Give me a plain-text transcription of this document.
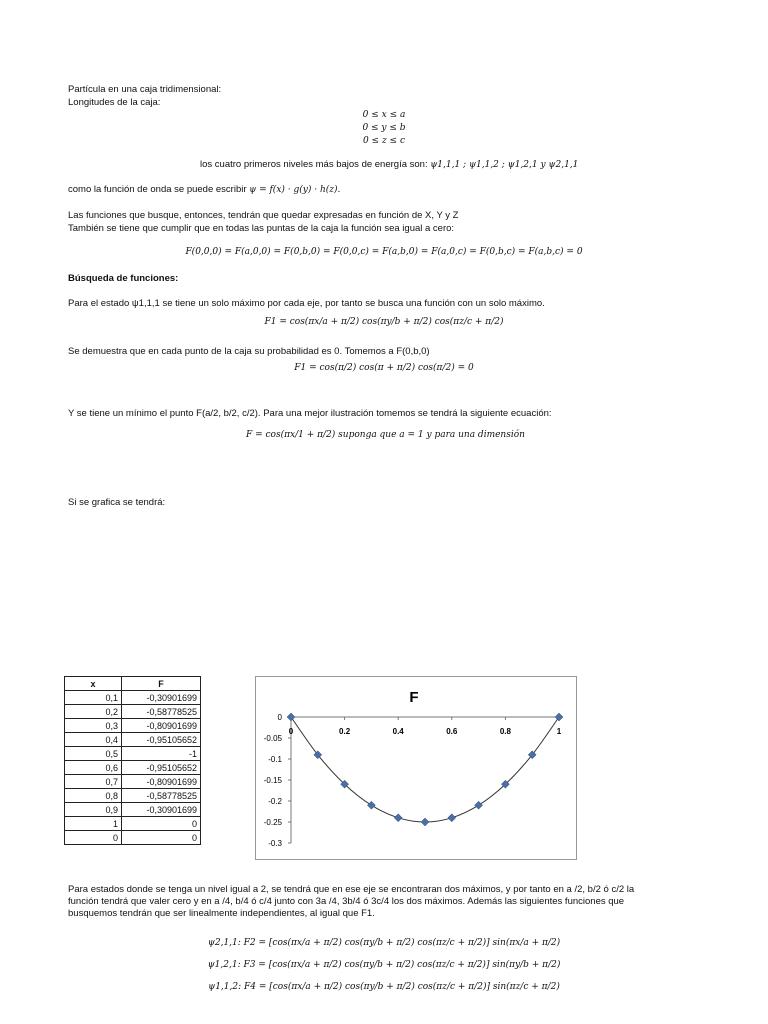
Partícula en una caja tridimensional:
Longitudes de la caja:
0 ≤ x ≤ a
0 ≤ y ≤ b
0 ≤ z ≤ c
los cuatro primeros niveles más bajos de energía son: ψ1,1,1 ; ψ1,1,2 ; ψ1,2,1 y ψ2,1,1
como la función de onda se puede escribir ψ = f(x) · g(y) · h(z).
Las funciones que busque, entonces, tendrán que quedar expresadas en función de X, Y y Z
También se tiene que cumplir que en todas las puntas de la caja la función sea igual a cero:
F(0,0,0) = F(a,0,0) = F(0,b,0) = F(0,0,c) = F(a,b,0) = F(a,0,c) = F(0,b,c) = F(a,b,c) = 0
Búsqueda de funciones:
Para el estado ψ1,1,1 se tiene un solo máximo por cada eje, por tanto se busca una función con un solo máximo.
F1 = cos(πx/a + π/2) cos(πy/b + π/2) cos(πz/c + π/2)
Se demuestra que en cada punto de la caja su probabilidad es 0. Tomemos a F(0,b,0)
F1 = cos(π/2) cos(π + π/2) cos(π/2) = 0
Y se tiene un mínimo el punto F(a/2, b/2, c/2). Para una mejor ilustración tomemos se tendrá la siguiente ecuación:
F = cos(πx/1 + π/2) suponga que a = 1 y para una dimensión
Si se grafica se tendrá:
x	F
0,1	-0,30901699
0,2	-0,58778525
0,3	-0,80901699
0,4	-0,95105652
0,5	-1
0,6	-0,95105652
0,7	-0,80901699
0,8	-0,58778525
0,9	-0,30901699
1	0
0	0
F
0
-0.05
-0.1
-0.15
-0.2
-0.25
-0.3
0	0.2	0.4	0.6	0.8	1
Para estados donde se tenga un nivel igual a 2, se tendrá que en ese eje se encontraran dos máximos, y por tanto en a /2, b/2 ó c/2 la
función tendrá que valer cero y en a /4, b/4 ó c/4 junto con 3a /4, 3b/4 ó 3c/4 los dos máximos. Además las siguientes funciones que
busquemos tendrán que ser linealmente independientes, al igual que F1.
ψ2,1,1: F2 = [cos(πx/a + π/2) cos(πy/b + π/2) cos(πz/c + π/2)] sin(πx/a + π/2)
ψ1,2,1: F3 = [cos(πx/a + π/2) cos(πy/b + π/2) cos(πz/c + π/2)] sin(πy/b + π/2)
ψ1,1,2: F4 = [cos(πx/a + π/2) cos(πy/b + π/2) cos(πz/c + π/2)] sin(πz/c + π/2)
